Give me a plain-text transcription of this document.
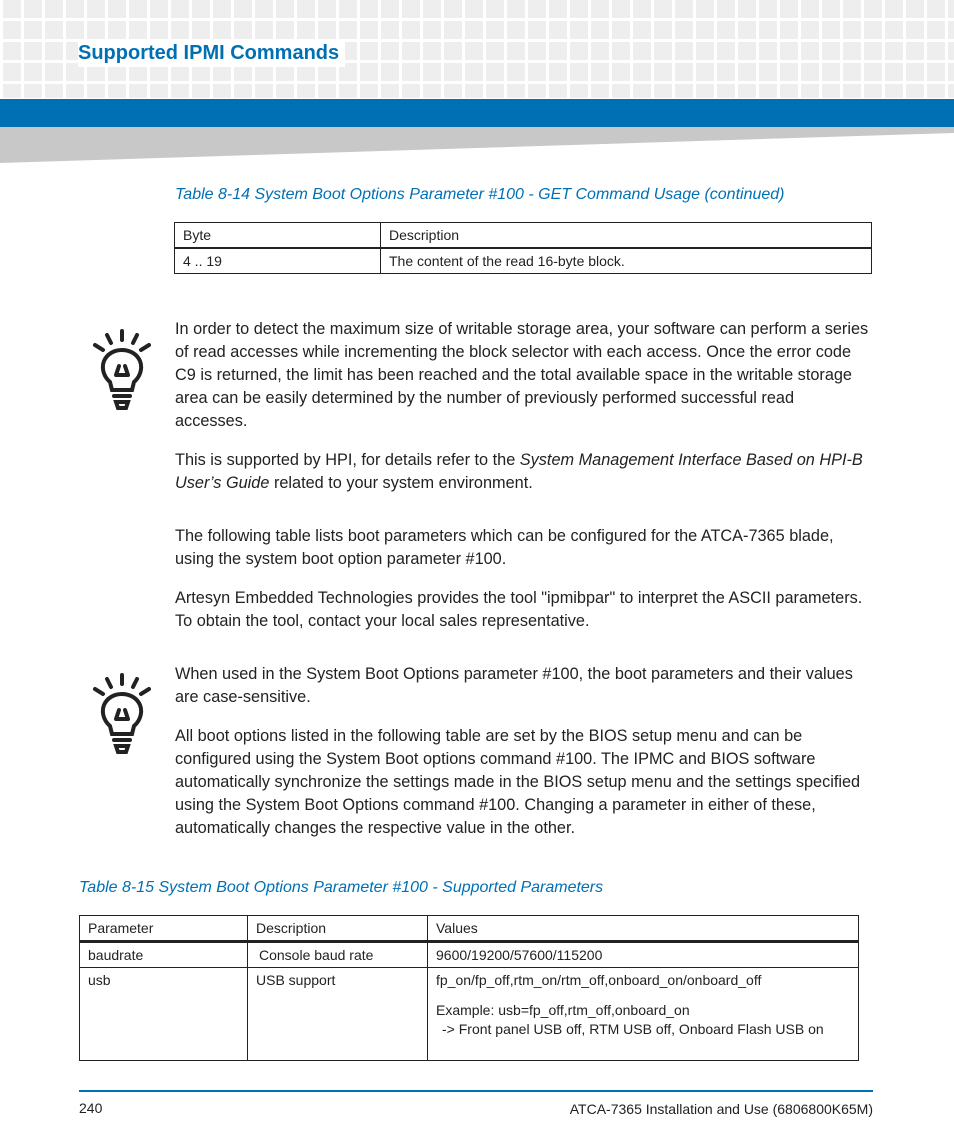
Supported IPMI Commands
Table 8-14 System Boot Options Parameter #100 - GET Command Usage (continued)
Byte	Description
4 .. 19	The content of the read 16-byte block.

In order to detect the maximum size of writable storage area, your software can perform a series of read accesses while incrementing the block selector with each access. Once the error code C9 is returned, the limit has been reached and the total available space in the writable storage area can be easily determined by the number of previously performed successful read accesses.

This is supported by HPI, for details refer to the System Management Interface Based on HPI-B User’s Guide related to your system environment.

The following table lists boot parameters which can be configured for the ATCA-7365 blade, using the system boot option parameter #100.

Artesyn Embedded Technologies provides the tool "ipmibpar" to interpret the ASCII parameters. To obtain the tool, contact your local sales representative.

When used in the System Boot Options parameter #100, the boot parameters and their values are case-sensitive.

All boot options listed in the following table are set by the BIOS setup menu and can be configured using the System Boot options command #100. The IPMC and BIOS software automatically synchronize the settings made in the BIOS setup menu and the settings specified using the System Boot Options command #100. Changing a parameter in either of these, automatically changes the respective value in the other.

Table 8-15 System Boot Options Parameter #100 - Supported Parameters
Parameter	Description	Values
baudrate	Console baud rate	9600/19200/57600/115200
usb	USB support	fp_on/fp_off,rtm_on/rtm_off,onboard_on/onboard_off
Example: usb=fp_off,rtm_off,onboard_on
-> Front panel USB off, RTM USB off, Onboard Flash USB on
240	ATCA-7365 Installation and Use (6806800K65M)
